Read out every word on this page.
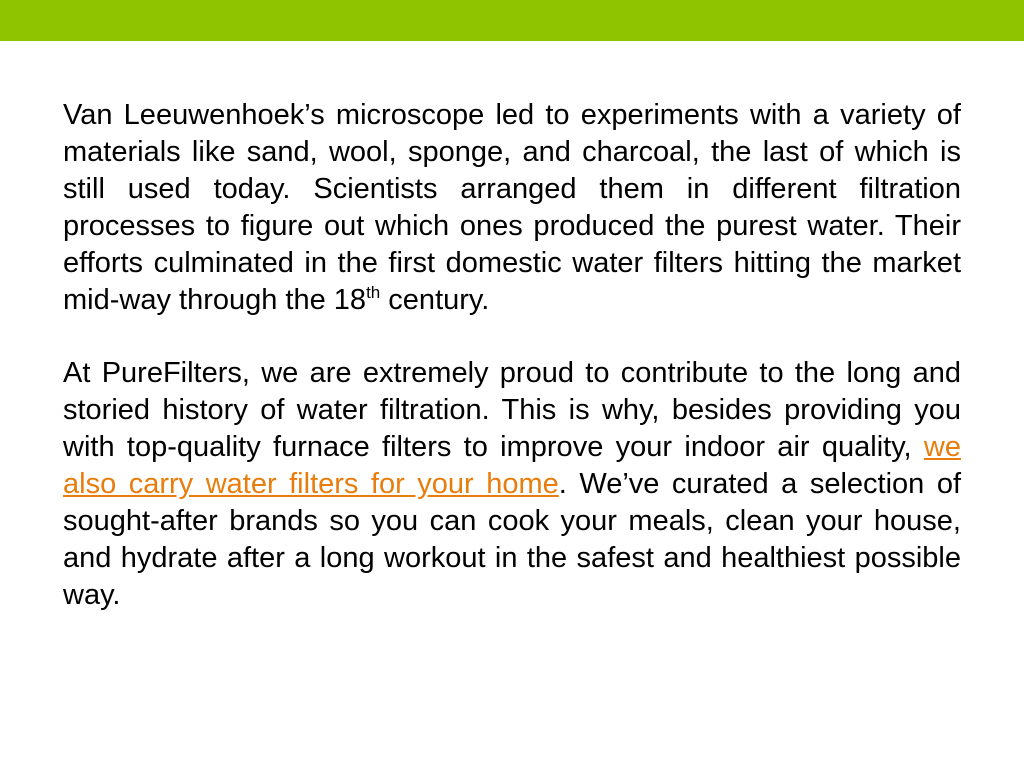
Van Leeuwenhoek’s microscope led to experiments with a variety of materials like sand, wool, sponge, and charcoal, the last of which is still used today. Scientists arranged them in different filtration processes to figure out which ones produced the purest water. Their efforts culminated in the first domestic water filters hitting the market mid-way through the 18th century.

At PureFilters, we are extremely proud to contribute to the long and storied history of water filtration. This is why, besides providing you with top-quality furnace filters to improve your indoor air quality, we also carry water filters for your home. We’ve curated a selection of sought-after brands so you can cook your meals, clean your house, and hydrate after a long workout in the safest and healthiest possible way.
